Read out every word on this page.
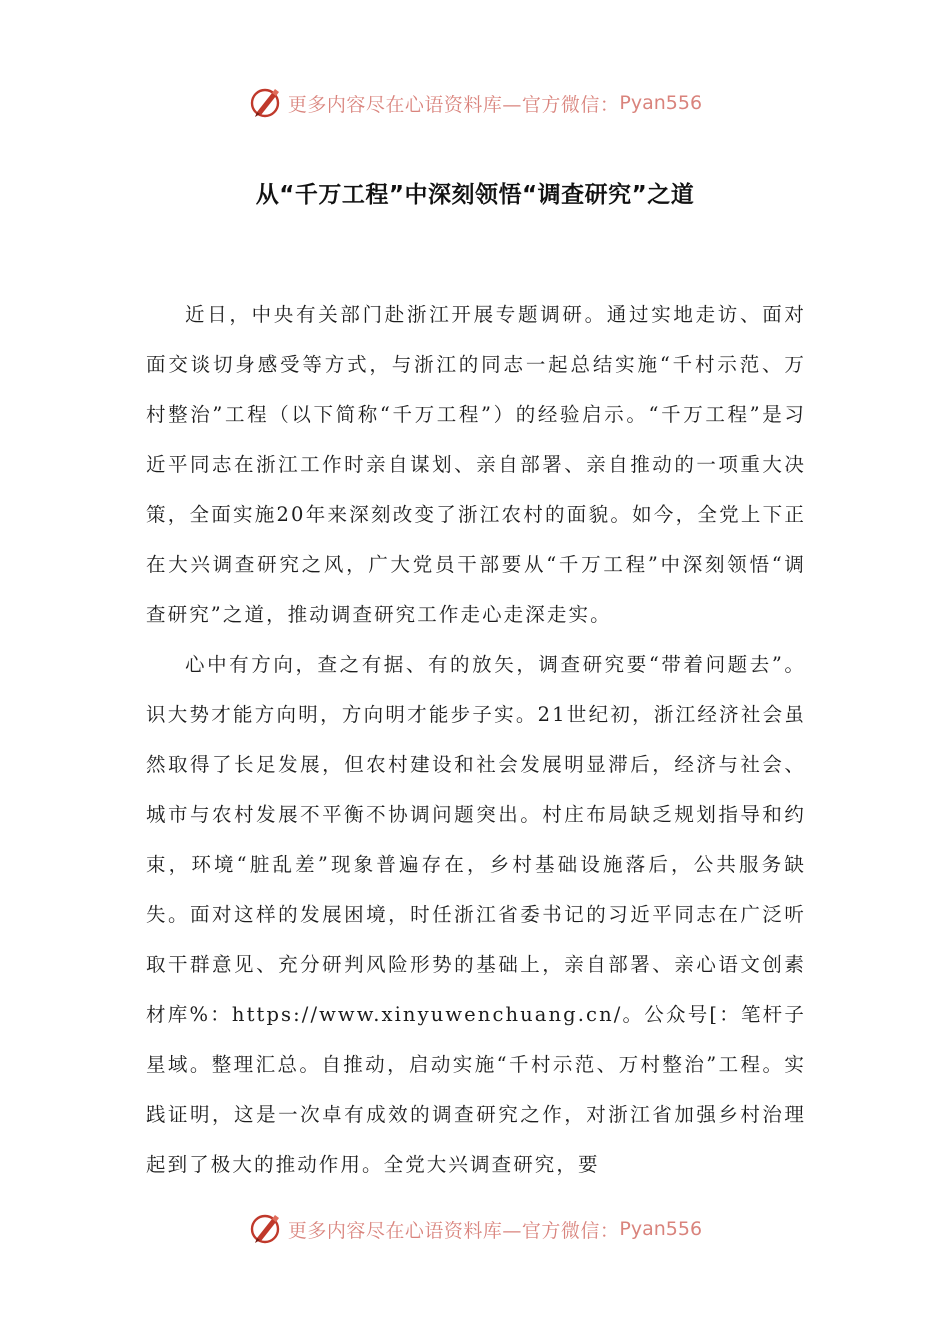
更多内容尽在心语资料库—官方微信： Pyan556
从“千万工程”中深刻领悟“调查研究”之道

近日，中央有关部门赴浙江开展专题调研。通过实地走访、面对面交谈切身感受等方式，与浙江的同志一起总结实施“千村示范、万村整治”工程（以下简称“千万工程”）的经验启示。“千万工程”是习近平同志在浙江工作时亲自谋划、亲自部署、亲自推动的一项重大决策，全面实施20年来深刻改变了浙江农村的面貌。如今，全党上下正在大兴调查研究之风，广大党员干部要从“千万工程”中深刻领悟“调查研究”之道，推动调查研究工作走心走深走实。

心中有方向，查之有据、有的放矢，调查研究要“带着问题去”。识大势才能方向明，方向明才能步子实。21世纪初，浙江经济社会虽然取得了长足发展，但农村建设和社会发展明显滞后，经济与社会、城市与农村发展不平衡不协调问题突出。村庄布局缺乏规划指导和约束，环境“脏乱差”现象普遍存在，乡村基础设施落后，公共服务缺失。面对这样的发展困境，时任浙江省委书记的习近平同志在广泛听取干群意见、充分研判风险形势的基础上，亲自部署、亲心语文创素材库%：https://www.xinyuwenchuang.cn/。公众号[：笔杆子星域。整理汇总。自推动，启动实施“千村示范、万村整治”工程。实践证明，这是一次卓有成效的调查研究之作，对浙江省加强乡村治理起到了极大的推动作用。全党大兴调查研究，要

更多内容尽在心语资料库—官方微信： Pyan556
